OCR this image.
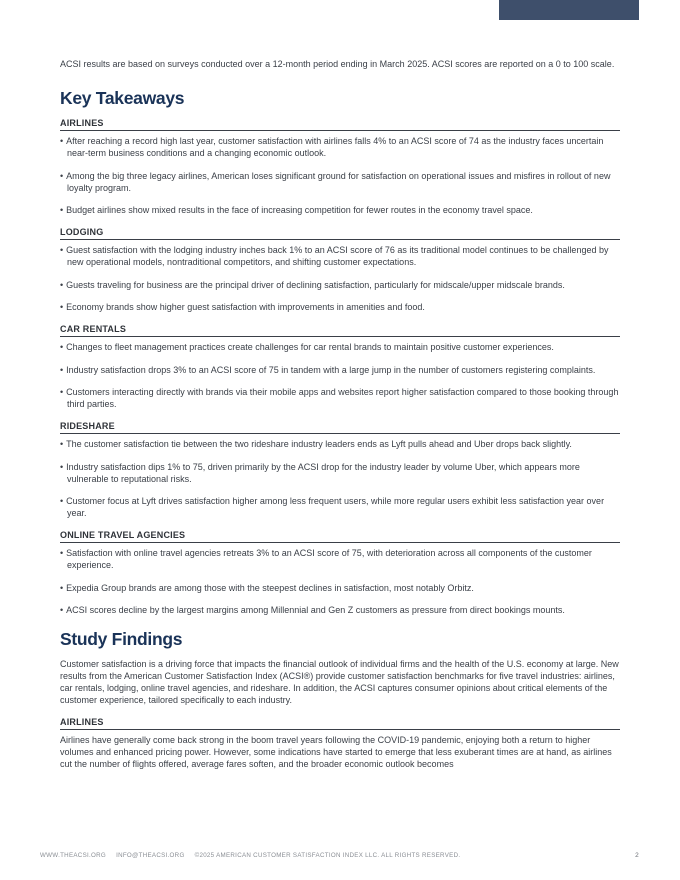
ACSI results are based on surveys conducted over a 12-month period ending in March 2025. ACSI scores are reported on a 0 to 100 scale.

Key Takeaways
AIRLINES
• After reaching a record high last year, customer satisfaction with airlines falls 4% to an ACSI score of 74 as the industry faces uncertain near-term business conditions and a changing economic outlook.
• Among the big three legacy airlines, American loses significant ground for satisfaction on operational issues and misfires in rollout of new loyalty program.
• Budget airlines show mixed results in the face of increasing competition for fewer routes in the economy travel space.
LODGING
• Guest satisfaction with the lodging industry inches back 1% to an ACSI score of 76 as its traditional model continues to be challenged by new operational models, nontraditional competitors, and shifting customer expectations.
• Guests traveling for business are the principal driver of declining satisfaction, particularly for midscale/upper midscale brands.
• Economy brands show higher guest satisfaction with improvements in amenities and food.
CAR RENTALS
• Changes to fleet management practices create challenges for car rental brands to maintain positive customer experiences.
• Industry satisfaction drops 3% to an ACSI score of 75 in tandem with a large jump in the number of customers registering complaints.
• Customers interacting directly with brands via their mobile apps and websites report higher satisfaction compared to those booking through third parties.
RIDESHARE
• The customer satisfaction tie between the two rideshare industry leaders ends as Lyft pulls ahead and Uber drops back slightly.
• Industry satisfaction dips 1% to 75, driven primarily by the ACSI drop for the industry leader by volume Uber, which appears more vulnerable to reputational risks.
• Customer focus at Lyft drives satisfaction higher among less frequent users, while more regular users exhibit less satisfaction year over year.
ONLINE TRAVEL AGENCIES
• Satisfaction with online travel agencies retreats 3% to an ACSI score of 75, with deterioration across all components of the customer experience.
• Expedia Group brands are among those with the steepest declines in satisfaction, most notably Orbitz.
• ACSI scores decline by the largest margins among Millennial and Gen Z customers as pressure from direct bookings mounts.
Study Findings

Customer satisfaction is a driving force that impacts the financial outlook of individual firms and the health of the U.S. economy at large. New results from the American Customer Satisfaction Index (ACSI®) provide customer satisfaction benchmarks for five travel industries: airlines, car rentals, lodging, online travel agencies, and rideshare. In addition, the ACSI captures consumer opinions about critical elements of the customer experience, tailored specifically to each industry.

AIRLINES

Airlines have generally come back strong in the boom travel years following the COVID-19 pandemic, enjoying both a return to higher volumes and enhanced pricing power. However, some indications have started to emerge that less exuberant times are at hand, as airlines cut the number of flights offered, average fares soften, and the broader economic outlook becomes

WWW.THEACSI.ORG INFO@THEACSI.ORG ©2025 AMERICAN CUSTOMER SATISFACTION INDEX LLC. ALL RIGHTS RESERVED.	2
